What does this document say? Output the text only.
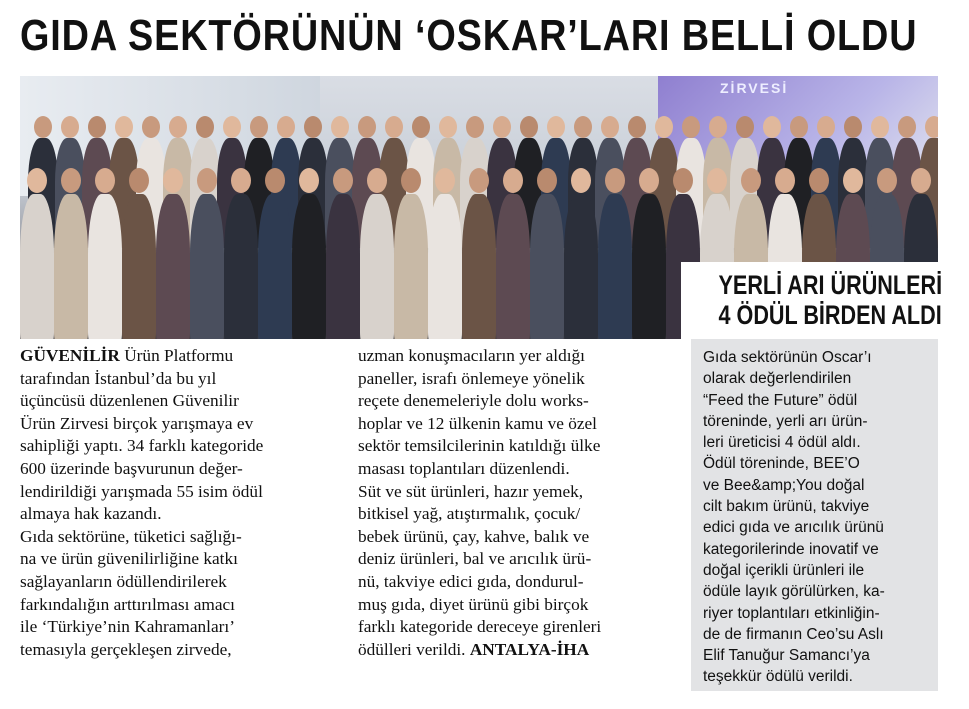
GIDA SEKTÖRÜNÜN ‘OSKAR’LARI BELLİ OLDU
ZİRVESİ
YERLİ ARI ÜRÜNLERİ
4 ÖDÜL BİRDEN ALDI
Gıda sektörünün Oscar’ı
olarak değerlendirilen
“Feed the Future” ödül
töreninde, yerli arı ürün-
leri üreticisi 4 ödül aldı.
Ödül töreninde, BEE’O
ve Bee&amp;You doğal
cilt bakım ürünü, takviye
edici gıda ve arıcılık ürünü
kategorilerinde inovatif ve
doğal içerikli ürünleri ile
ödüle layık görülürken, ka-
riyer toplantıları etkinliğin-
de de firmanın Ceo’su Aslı
Elif Tanuğur Samancı’ya
teşekkür ödülü verildi.
GÜVENİLİR Ürün Platformu
tarafından İstanbul’da bu yıl
üçüncüsü düzenlenen Güvenilir
Ürün Zirvesi birçok yarışmaya ev
sahipliği yaptı. 34 farklı kategoride
600 üzerinde başvurunun değer-
lendirildiği yarışmada 55 isim ödül
almaya hak kazandı.
Gıda sektörüne, tüketici sağlığı-
na ve ürün güvenilirliğine katkı
sağlayanların ödüllendirilerek
farkındalığın arttırılması amacı
ile ‘Türkiye’nin Kahramanları’
temasıyla gerçekleşen zirvede,
uzman konuşmacıların yer aldığı
paneller, israfı önlemeye yönelik
reçete denemeleriyle dolu works-
hoplar ve 12 ülkenin kamu ve özel
sektör temsilcilerinin katıldığı ülke
masası toplantıları düzenlendi.
Süt ve süt ürünleri, hazır yemek,
bitkisel yağ, atıştırmalık, çocuk/
bebek ürünü, çay, kahve, balık ve
deniz ürünleri, bal ve arıcılık ürü-
nü, takviye edici gıda, dondurul-
muş gıda, diyet ürünü gibi birçok
farklı kategoride dereceye girenleri
ödülleri verildi. ANTALYA-İHA
